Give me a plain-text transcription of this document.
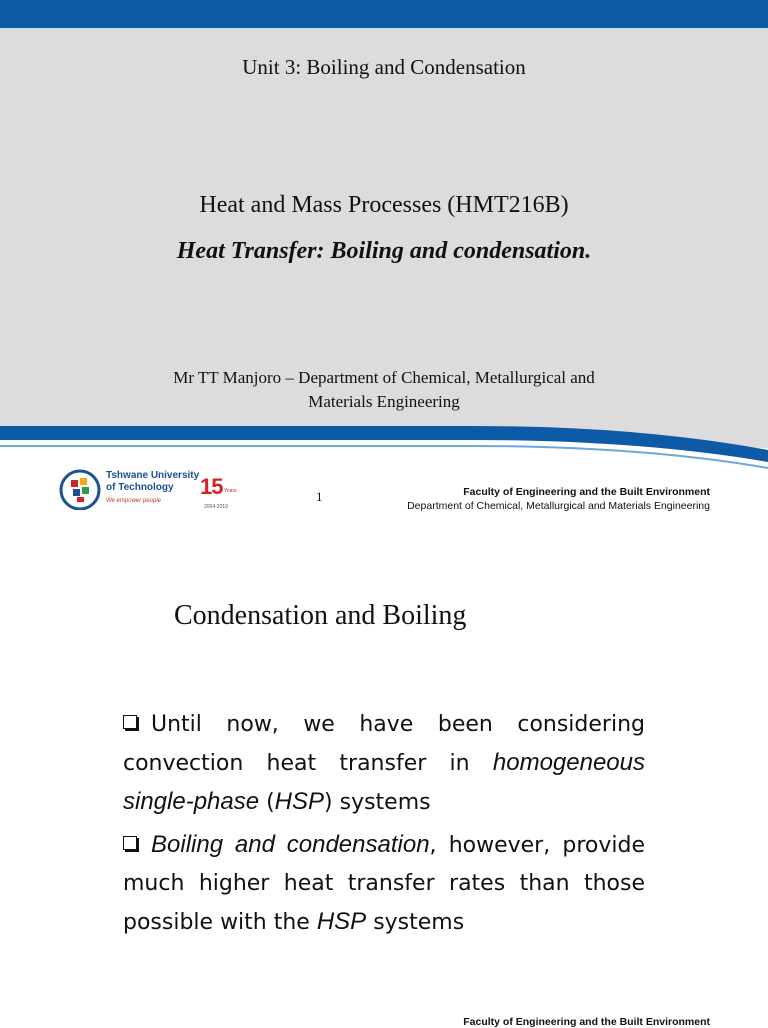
Unit 3: Boiling and Condensation
Heat and Mass Processes (HMT216B)
Heat Transfer: Boiling and condensation.
Mr TT Manjoro – Department of Chemical, Metallurgical and
Materials Engineering
Tshwane University
of Technology
We empower people
15 Years
2004-2019
1	Faculty of Engineering and the Built Environment
Department of Chemical, Metallurgical and Materials Engineering
Condensation and Boiling

Until now, we have been considering convection heat transfer in homogeneous single-phase (HSP) systems

Boiling and condensation, however, provide much higher heat transfer rates than those possible with the HSP systems

Faculty of Engineering and the Built Environment
